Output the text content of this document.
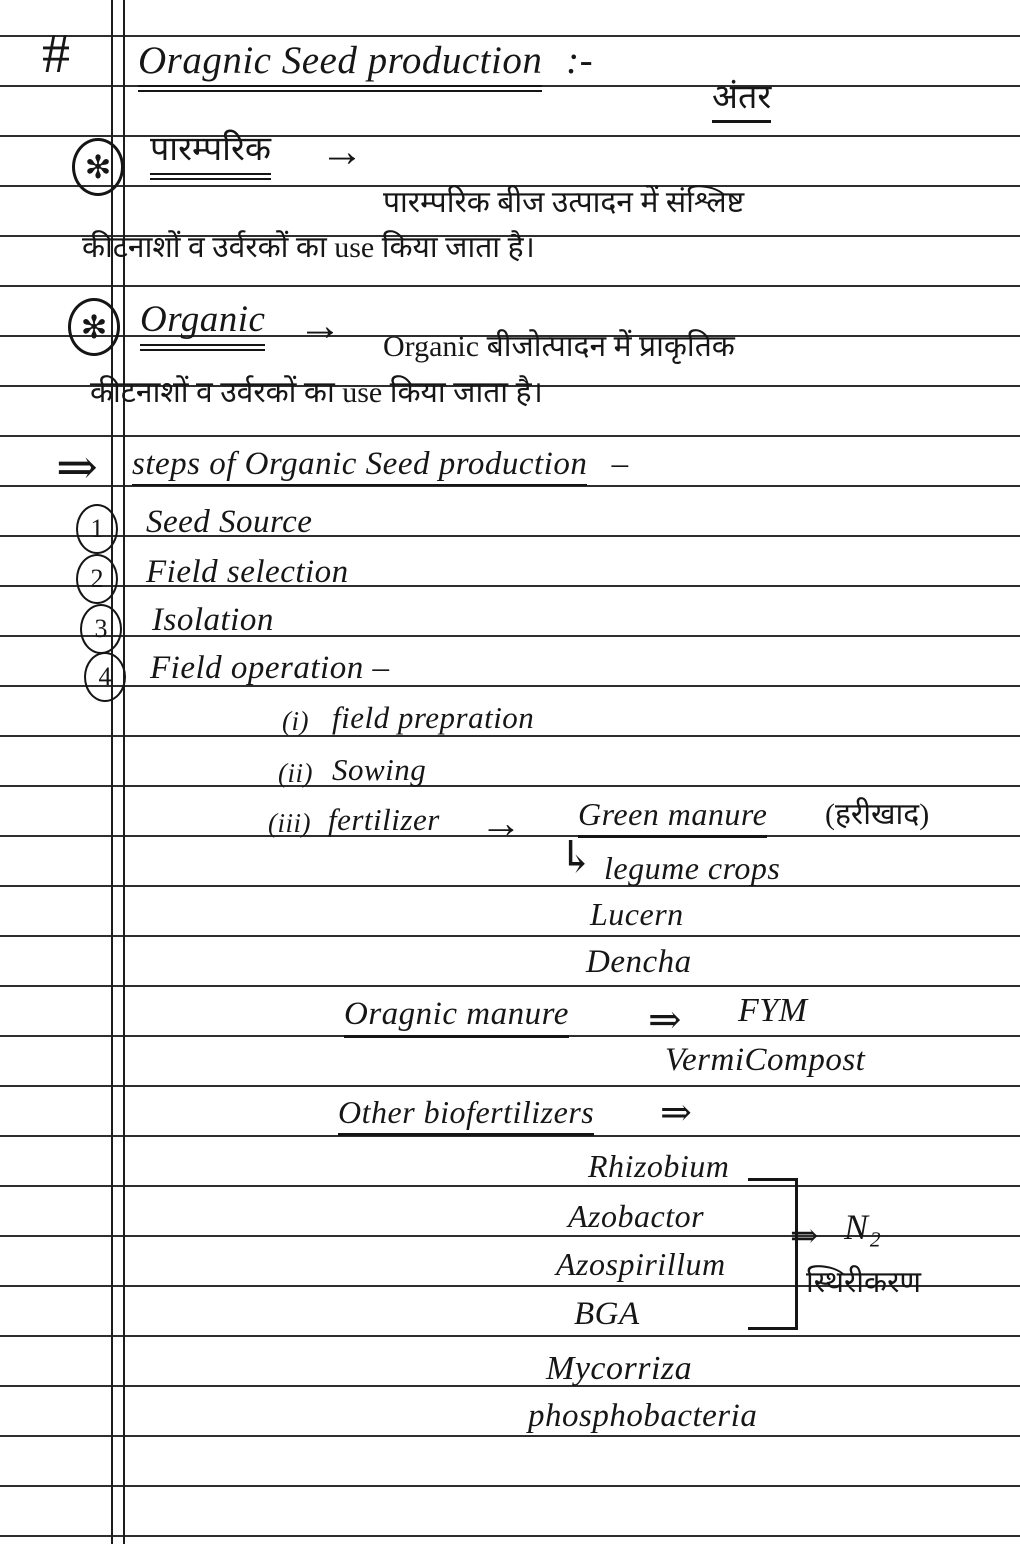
# Oragnic Seed production :-
अंतर
✻	पारम्परिक →
पारम्परिक बीज उत्पादन में संश्लिष्ट
कीटनाशों व उर्वरकों का use किया जाता है।
✻ Organic → Organic बीजोत्पादन में प्राकृतिक
कीटनाशों व उर्वरकों का use किया जाता है।
⇒ steps of Organic Seed production –
1	Seed Source
2	Field selection
3	Isolation
4	Field operation –
(i) field prepration
(ii) Sowing
(iii) fertilizer → Green manure (हरीखाद)
↳ legume crops
Lucern
Dencha
Oragnic manure ⇒ FYM
VermiCompost
Other biofertilizers ⇒
Rhizobium
Azobactor
Azospirillum
BGA
⇒ N₂
स्थिरीकरण
Mycorriza
phosphobacteria
